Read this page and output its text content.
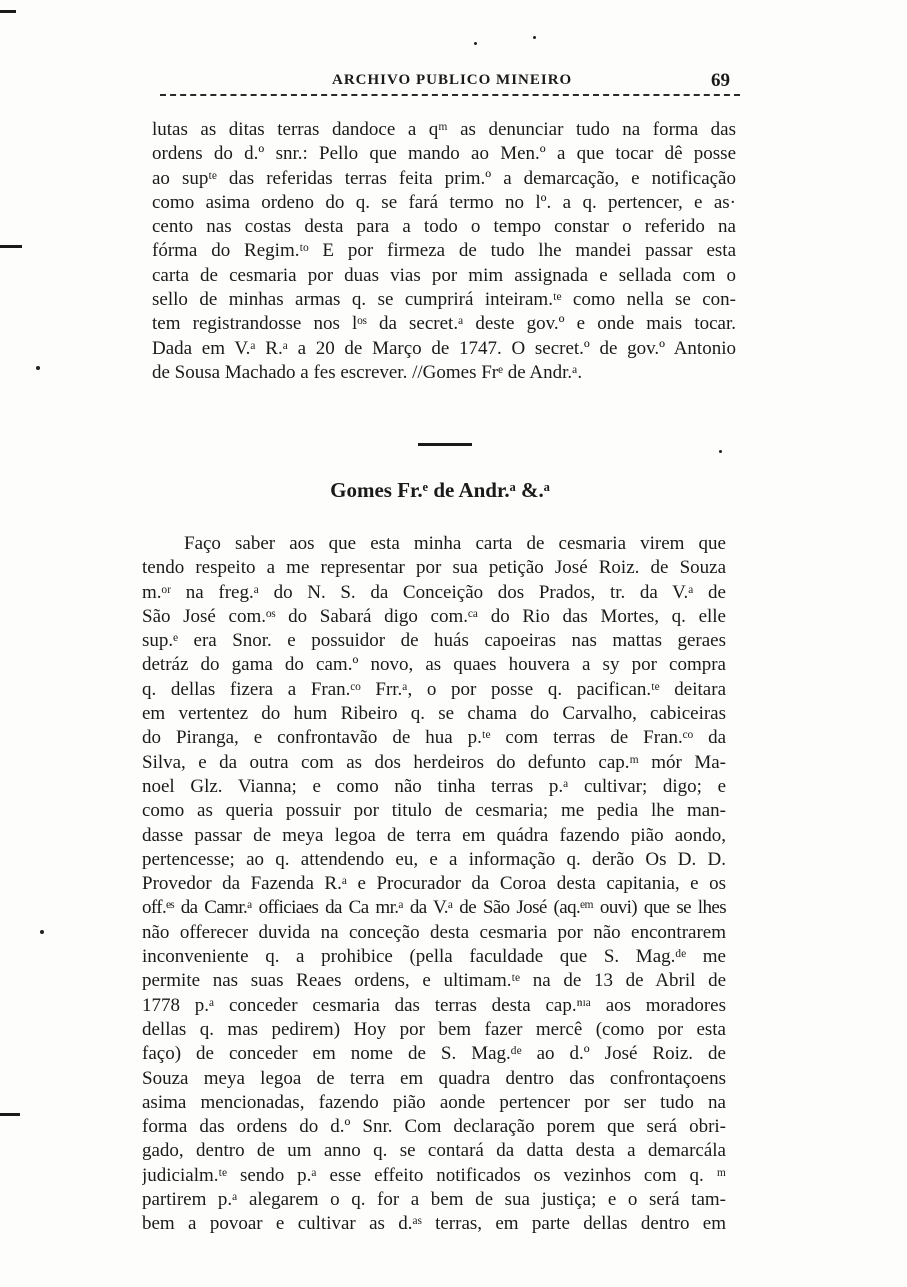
ARCHIVO PUBLICO MINEIRO	69
lutas as ditas terras dandoce a qᵐ as denunciar tudo na forma das
ordens do d.º snr.: Pello que mando ao Men.º a que tocar dê posse
ao supᵗᵉ das referidas terras feita prim.º a demarcação, e notificação
como asima ordeno do q. se fará termo no lº. a q. pertencer, e as·
cento nas costas desta para a todo o tempo constar o referido na
fórma do Regim.ᵗᵒ E por firmeza de tudo lhe mandei passar esta
carta de cesmaria por duas vias por mim assignada e sellada com o
sello de minhas armas q. se cumprirá inteiram.ᵗᵉ como nella se con-
tem registrandosse nos lᵒˢ da secret.ᵃ deste gov.º e onde mais tocar.
Dada em V.ᵃ R.ᵃ a 20 de Março de 1747. O secret.º de gov.º Antonio
de Sousa Machado a fes escrever. //Gomes Frᵉ de Andr.ᵃ.
Gomes Fr.ᵉ de Andr.ᵃ &.ᵃ
Faço saber aos que esta minha carta de cesmaria virem que
tendo respeito a me representar por sua petição José Roiz. de Souza
m.ᵒʳ na freg.ᵃ do N. S. da Conceição dos Prados, tr. da V.ᵃ de
São José com.ᵒˢ do Sabará digo com.ᶜᵃ do Rio das Mortes, q. elle
sup.ᵉ era Snor. e possuidor de huás capoeiras nas mattas geraes
detráz do gama do cam.º novo, as quaes houvera a sy por compra
q. dellas fizera a Fran.ᶜᵒ Frr.ᵃ, o por posse q. pacifican.ᵗᵉ deitara
em vertentez do hum Ribeiro q. se chama do Carvalho, cabiceiras
do Piranga, e confrontavão de hua p.ᵗᵉ com terras de Fran.ᶜᵒ da
Silva, e da outra com as dos herdeiros do defunto cap.ᵐ mór Ma-
noel Glz. Vianna; e como não tinha terras p.ᵃ cultivar; digo; e
como as queria possuir por titulo de cesmaria; me pedia lhe man-
dasse passar de meya legoa de terra em quádra fazendo pião aondo,
pertencesse; ao q. attendendo eu, e a informação q. derão Os D. D.
Provedor da Fazenda R.ᵃ e Procurador da Coroa desta capitania, e os
off.ᵉˢ da Camr.ᵃ officiaes da Ca mr.ᵃ da V.ᵃ de São José (aq.ᵉᵐ ouvi) que se lhes
não offerecer duvida na conceção desta cesmaria por não encontrarem
inconveniente q. a prohibice (pella faculdade que S. Mag.ᵈᵉ me
permite nas suas Reaes ordens, e ultimam.ᵗᵉ na de 13 de Abril de
1778 p.ᵃ conceder cesmaria das terras desta cap.ⁿᶦᵃ aos moradores
dellas q. mas pedirem) Hoy por bem fazer mercê (como por esta
faço) de conceder em nome de S. Mag.ᵈᵉ ao d.º José Roiz. de
Souza meya legoa de terra em quadra dentro das confrontaçoens
asima mencionadas, fazendo pião aonde pertencer por ser tudo na
forma das ordens do d.º Snr. Com declaração porem que será obri-
gado, dentro de um anno q. se contará da datta desta a demarcála
judicialm.ᵗᵉ sendo p.ᵃ esse effeito notificados os vezinhos com q. ᵐ
partirem p.ᵃ alegarem o q. for a bem de sua justiça; e o será tam-
bem a povoar e cultivar as d.ᵃˢ terras, em parte dellas dentro em
